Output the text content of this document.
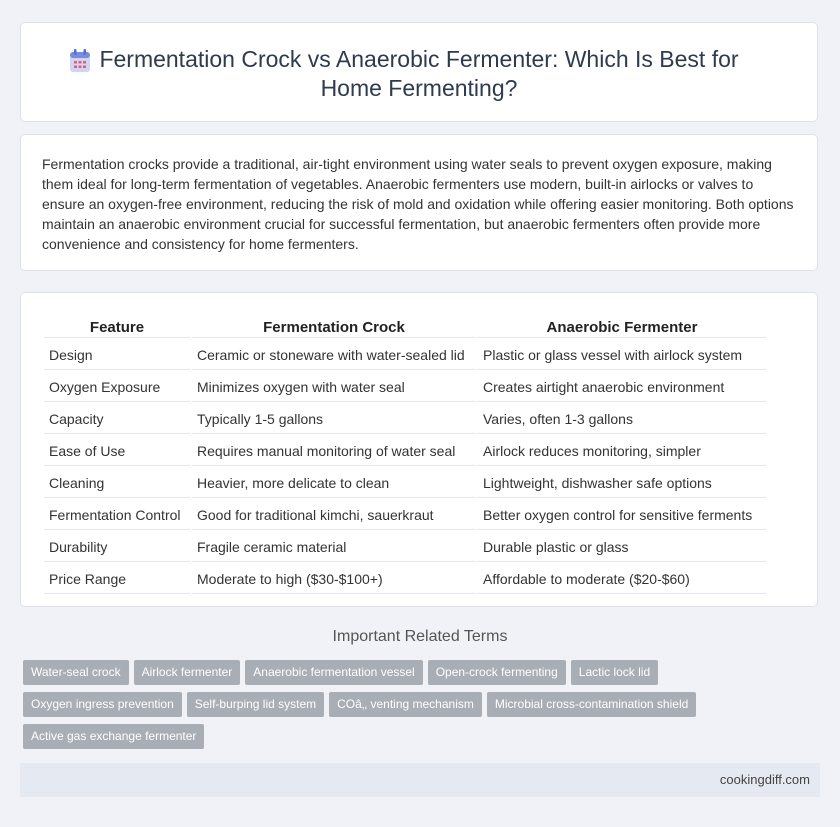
Fermentation Crock vs Anaerobic Fermenter: Which Is Best for Home Fermenting?

Fermentation crocks provide a traditional, air-tight environment using water seals to prevent oxygen exposure, making them ideal for long-term fermentation of vegetables. Anaerobic fermenters use modern, built-in airlocks or valves to ensure an oxygen-free environment, reducing the risk of mold and oxidation while offering easier monitoring. Both options maintain an anaerobic environment crucial for successful fermentation, but anaerobic fermenters often provide more convenience and consistency for home fermenters.

Feature	Fermentation Crock	Anaerobic Fermenter
Design	Ceramic or stoneware with water-sealed lid	Plastic or glass vessel with airlock system
Oxygen Exposure	Minimizes oxygen with water seal	Creates airtight anaerobic environment
Capacity	Typically 1-5 gallons	Varies, often 1-3 gallons
Ease of Use	Requires manual monitoring of water seal	Airlock reduces monitoring, simpler
Cleaning	Heavier, more delicate to clean	Lightweight, dishwasher safe options
Fermentation Control	Good for traditional kimchi, sauerkraut	Better oxygen control for sensitive ferments
Durability	Fragile ceramic material	Durable plastic or glass
Price Range	Moderate to high ($30-$100+)	Affordable to moderate ($20-$60)
Important Related Terms
Water-seal crock	Airlock fermenter	Anaerobic fermentation vessel	Open-crock fermenting	Lactic lock lid
Oxygen ingress prevention	Self-burping lid system	COâ‚‚ venting mechanism	Microbial cross-contamination shield
Active gas exchange fermenter
cookingdiff.com
